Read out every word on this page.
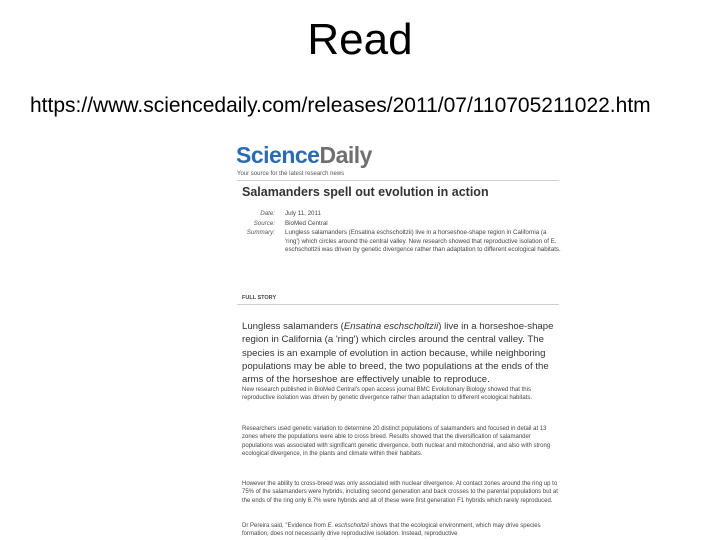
Read
https://www.sciencedaily.com/releases/2011/07/110705211022.htm
ScienceDaily
Your source for the latest research news
Salamanders spell out evolution in action
Date: July 11, 2011
Source: BioMed Central
Summary: Lungless salamanders (Ensatina eschscholtzii) live in a horseshoe-shape region in California (a 'ring') which circles around the central valley. New research showed that reproductive isolation of E. eschscholtzii was driven by genetic divergence rather than adaptation to different ecological habitats.
FULL STORY
Lungless salamanders (Ensatina eschscholtzii) live in a horseshoe-shape region in California (a 'ring') which circles around the central valley. The species is an example of evolution in action because, while neighboring populations may be able to breed, the two populations at the ends of the arms of the horseshoe are effectively unable to reproduce.
New research published in BioMed Central's open access journal BMC Evolutionary Biology showed that this reproductive isolation was driven by genetic divergence rather than adaptation to different ecological habitats.
Researchers used genetic variation to determine 20 distinct populations of salamanders and focused in detail at 13 zones where the populations were able to cross breed. Results showed that the diversification of salamander populations was associated with significant genetic divergence, both nuclear and mitochondrial, and also with strong ecological divergence, in the plants and climate within their habitats.
However the ability to cross-breed was only associated with nuclear divergence. At contact zones around the ring up to 75% of the salamanders were hybrids, including second generation and back crosses to the parental populations but at the ends of the ring only 6.7% were hybrids and all of these were first generation F1 hybrids which rarely reproduced.
Dr Pereira said, "Evidence from E. eschscholtzii shows that the ecological environment, which may drive species formation, does not necessarily drive reproductive isolation. Instead, reproductive
